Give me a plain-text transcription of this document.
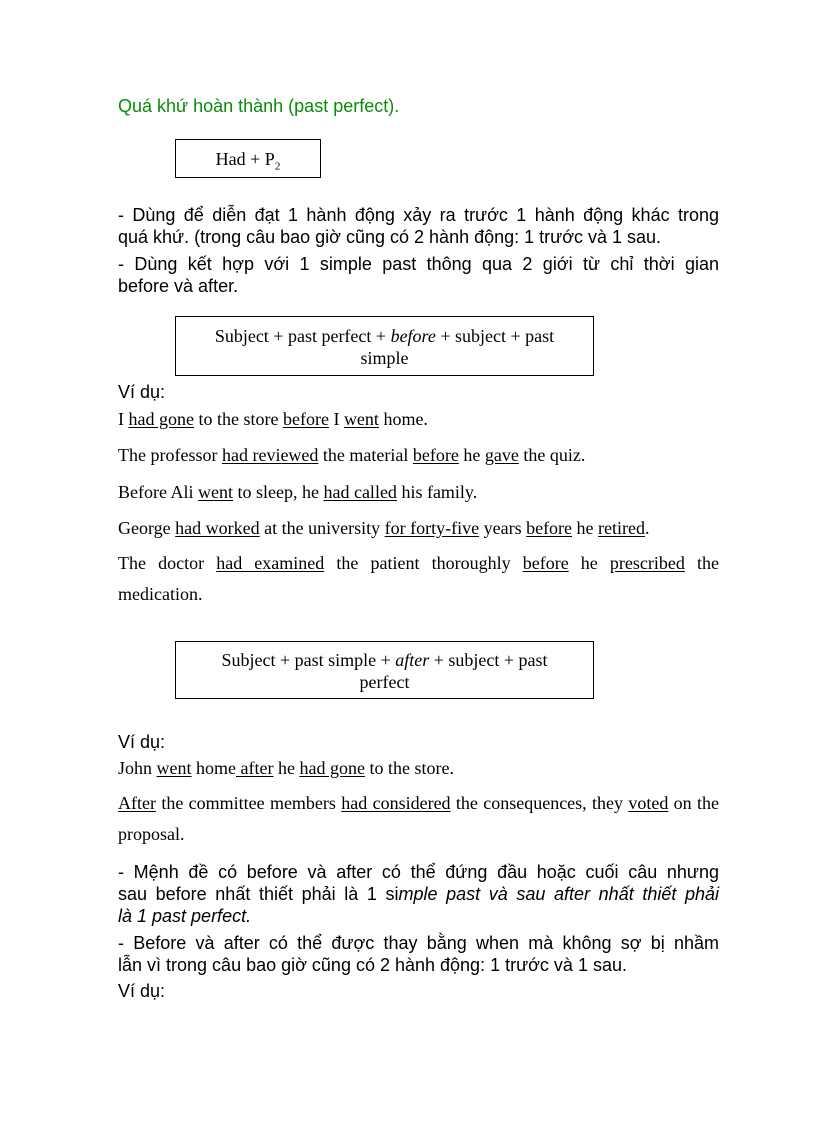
Quá khứ hoàn thành (past perfect).
Had + $P_2$
- Dùng để diễn đạt 1 hành động xảy ra trước 1 hành động khác trong
quá khứ. (trong câu bao giờ cũng có 2 hành động: 1 trước và 1 sau.
- Dùng kết hợp với 1 simple past thông qua 2 giới từ chỉ thời gian
before và after.
Subject + past perfect + before + subject + past
simple
Ví dụ:
I had gone to the store before I went home.
The professor had reviewed the material before he gave the quiz.
Before Ali went to sleep, he had called his family.
George had worked at the university for forty-five years before he retired.
The doctor had examined the patient thoroughly before he prescribed the medication.
Subject + past simple + after + subject + past
perfect
Ví dụ:
John went home after he had gone to the store.
After the committee members had considered the consequences, they voted on the proposal.
- Mệnh đề có before và after có thể đứng đầu hoặc cuối câu nhưng
sau before nhất thiết phải là 1 simple past và sau after nhất thiết phải
là 1 past perfect.
- Before và after có thể được thay bằng when mà không sợ bị nhầm
lẫn vì trong câu bao giờ cũng có 2 hành động: 1 trước và 1 sau.
Ví dụ:
